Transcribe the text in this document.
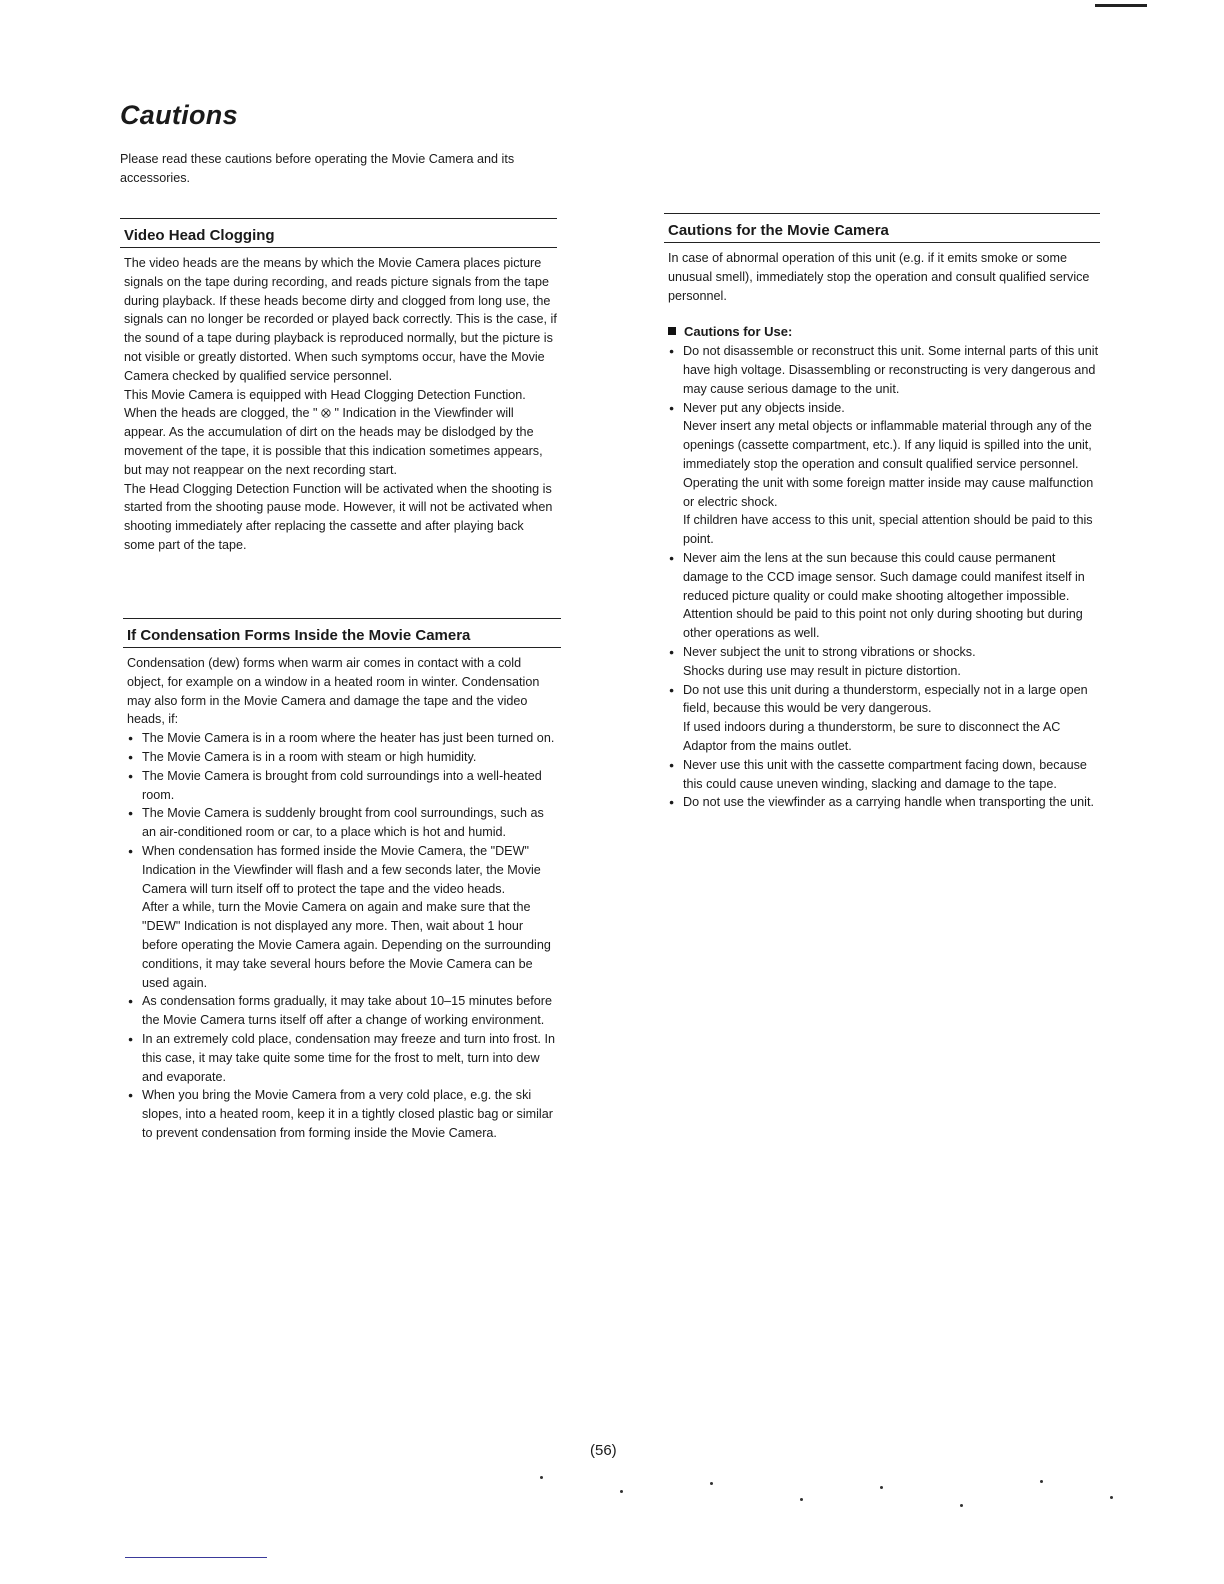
Cautions

Please read these cautions before operating the Movie Camera and its accessories.

Video Head Clogging

The video heads are the means by which the Movie Camera places picture signals on the tape during recording, and reads picture signals from the tape during playback. If these heads become dirty and clogged from long use, the signals can no longer be recorded or played back correctly. This is the case, if the sound of a tape during playback is reproduced normally, but the picture is not visible or greatly distorted. When such symptoms occur, have the Movie Camera checked by qualified service personnel.

This Movie Camera is equipped with Head Clogging Detection Function. When the heads are clogged, the " ⭙ " Indication in the Viewfinder will appear. As the accumulation of dirt on the heads may be dislodged by the movement of the tape, it is possible that this indication sometimes appears, but may not reappear on the next recording start.

The Head Clogging Detection Function will be activated when the shooting is started from the shooting pause mode. However, it will not be activated when shooting immediately after replacing the cassette and after playing back some part of the tape.

If Condensation Forms Inside the Movie Camera

Condensation (dew) forms when warm air comes in contact with a cold object, for example on a window in a heated room in winter. Condensation may also form in the Movie Camera and damage the tape and the video heads, if:

● The Movie Camera is in a room where the heater has just been turned on.

● The Movie Camera is in a room with steam or high humidity.

● The Movie Camera is brought from cold surroundings into a well-heated room.

● The Movie Camera is suddenly brought from cool surroundings, such as an air-conditioned room or car, to a place which is hot and humid.

● When condensation has formed inside the Movie Camera, the "DEW" Indication in the Viewfinder will flash and a few seconds later, the Movie Camera will turn itself off to protect the tape and the video heads.

After a while, turn the Movie Camera on again and make sure that the "DEW" Indication is not displayed any more. Then, wait about 1 hour before operating the Movie Camera again. Depending on the surrounding conditions, it may take several hours before the Movie Camera can be used again.

● As condensation forms gradually, it may take about 10–15 minutes before the Movie Camera turns itself off after a change of working environment.

● In an extremely cold place, condensation may freeze and turn into frost. In this case, it may take quite some time for the frost to melt, turn into dew and evaporate.

● When you bring the Movie Camera from a very cold place, e.g. the ski slopes, into a heated room, keep it in a tightly closed plastic bag or similar to prevent condensation from forming inside the Movie Camera.

Cautions for the Movie Camera

In case of abnormal operation of this unit (e.g. if it emits smoke or some unusual smell), immediately stop the operation and consult qualified service personnel.

Cautions for Use:

● Do not disassemble or reconstruct this unit. Some internal parts of this unit have high voltage. Disassembling or reconstructing is very dangerous and may cause serious damage to the unit.

● Never put any objects inside.

Never insert any metal objects or inflammable material through any of the openings (cassette compartment, etc.). If any liquid is spilled into the unit, immediately stop the operation and consult qualified service personnel.

Operating the unit with some foreign matter inside may cause malfunction or electric shock.

If children have access to this unit, special attention should be paid to this point.

● Never aim the lens at the sun because this could cause permanent damage to the CCD image sensor. Such damage could manifest itself in reduced picture quality or could make shooting altogether impossible. Attention should be paid to this point not only during shooting but during other operations as well.

● Never subject the unit to strong vibrations or shocks.

Shocks during use may result in picture distortion.

● Do not use this unit during a thunderstorm, especially not in a large open field, because this would be very dangerous.

If used indoors during a thunderstorm, be sure to disconnect the AC Adaptor from the mains outlet.

● Never use this unit with the cassette compartment facing down, because this could cause uneven winding, slacking and damage to the tape.

● Do not use the viewfinder as a carrying handle when transporting the unit.

(56)
